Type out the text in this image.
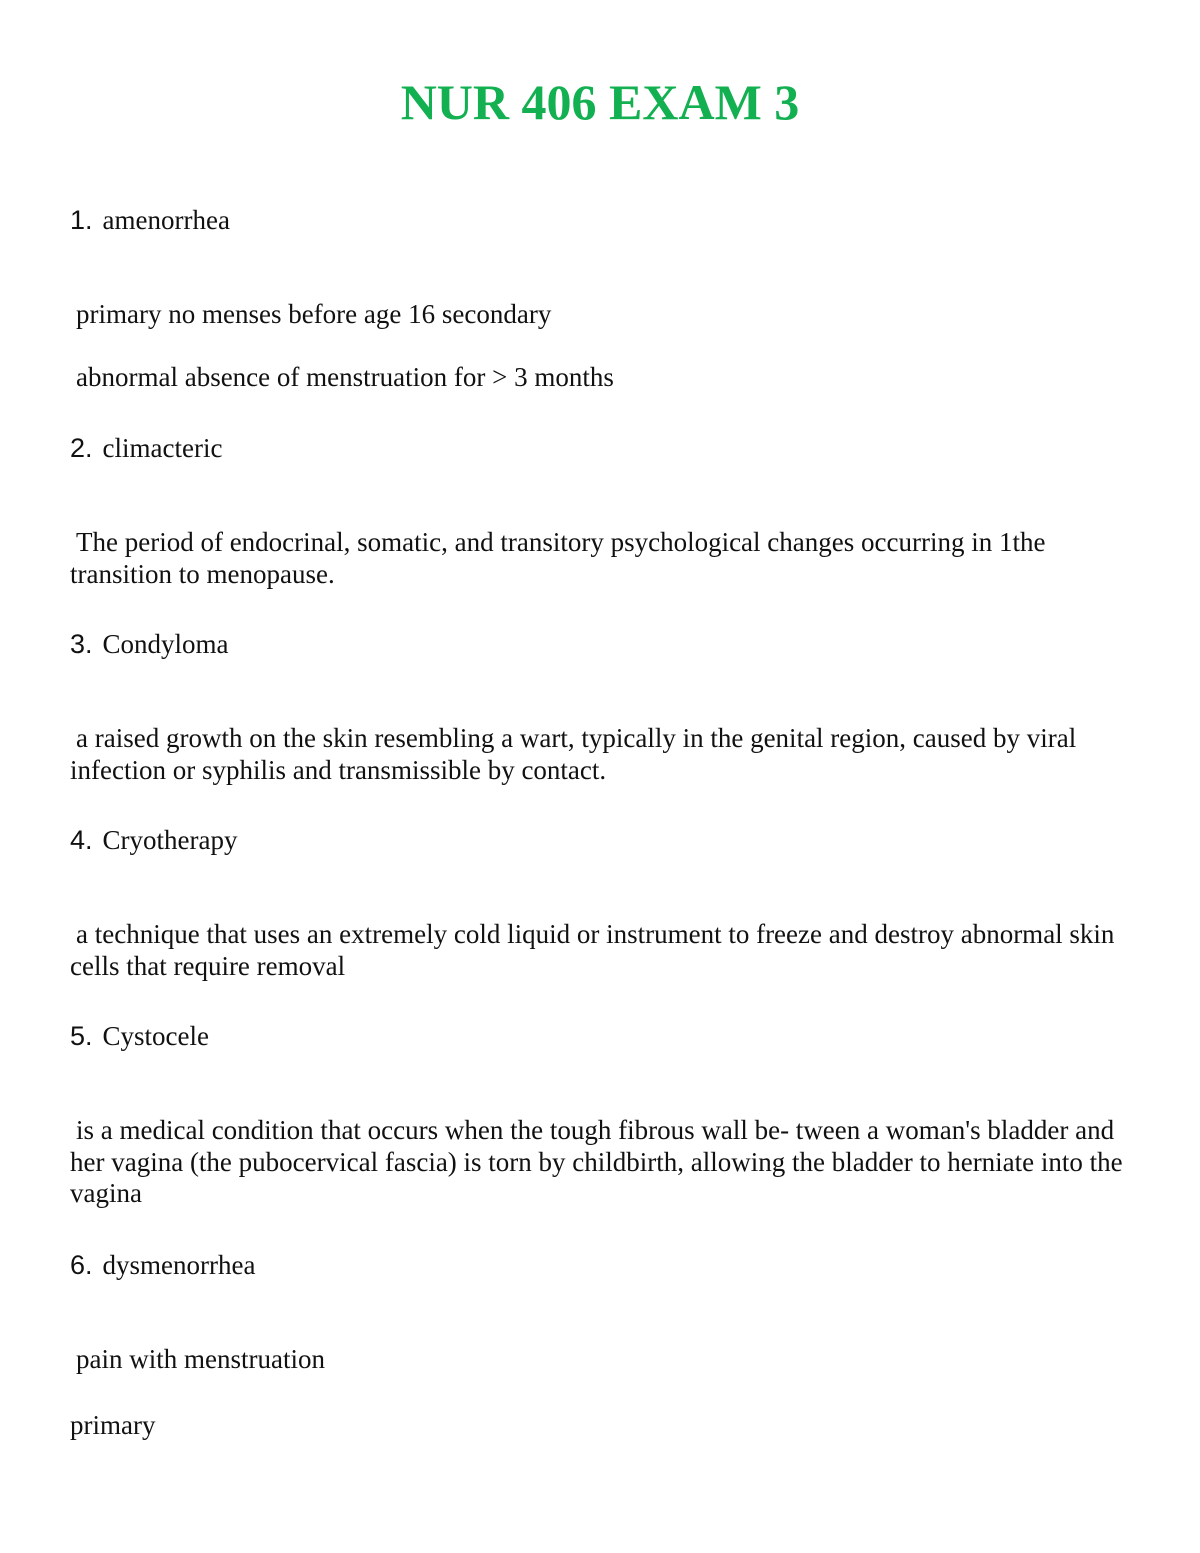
NUR 406 EXAM 3
1. amenorrhea

primary no menses before age 16 secondary

abnormal absence of menstruation for > 3 months

2. climacteric

The period of endocrinal, somatic, and transitory psychological changes occurring in 1the transition to menopause.

3. Condyloma

a raised growth on the skin resembling a wart, typically in the genital region, caused by viral infection or syphilis and transmissible by contact.

4. Cryotherapy

a technique that uses an extremely cold liquid or instrument to freeze and destroy abnormal skin cells that require removal

5. Cystocele

is a medical condition that occurs when the tough fibrous wall be- tween a woman's bladder and her vagina (the pubocervical fascia) is torn by childbirth, allowing the bladder to herniate into the vagina

6. dysmenorrhea

pain with menstruation

primary
